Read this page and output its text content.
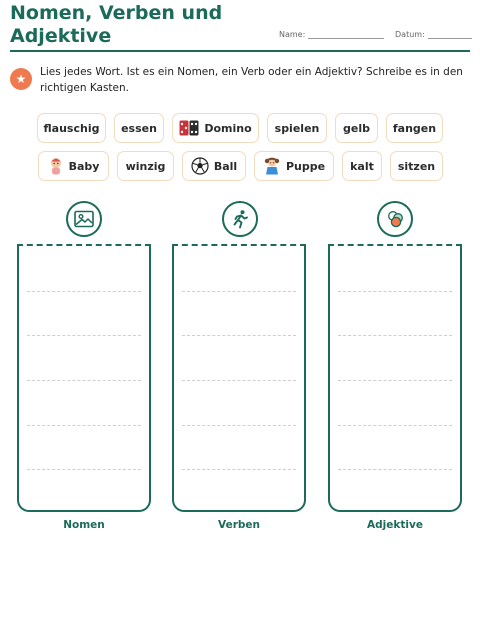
Nomen, Verben und Adjektive	Name:	Datum:
★	Lies jedes Wort. Ist es ein Nomen, ein Verb oder ein Adjektiv? Schreibe es in den richtigen Kasten.
flauschig essen	Domino spielen gelb fangen
Baby winzig	Ball	Puppe kalt sitzen
Nomen	Verben	Adjektive
